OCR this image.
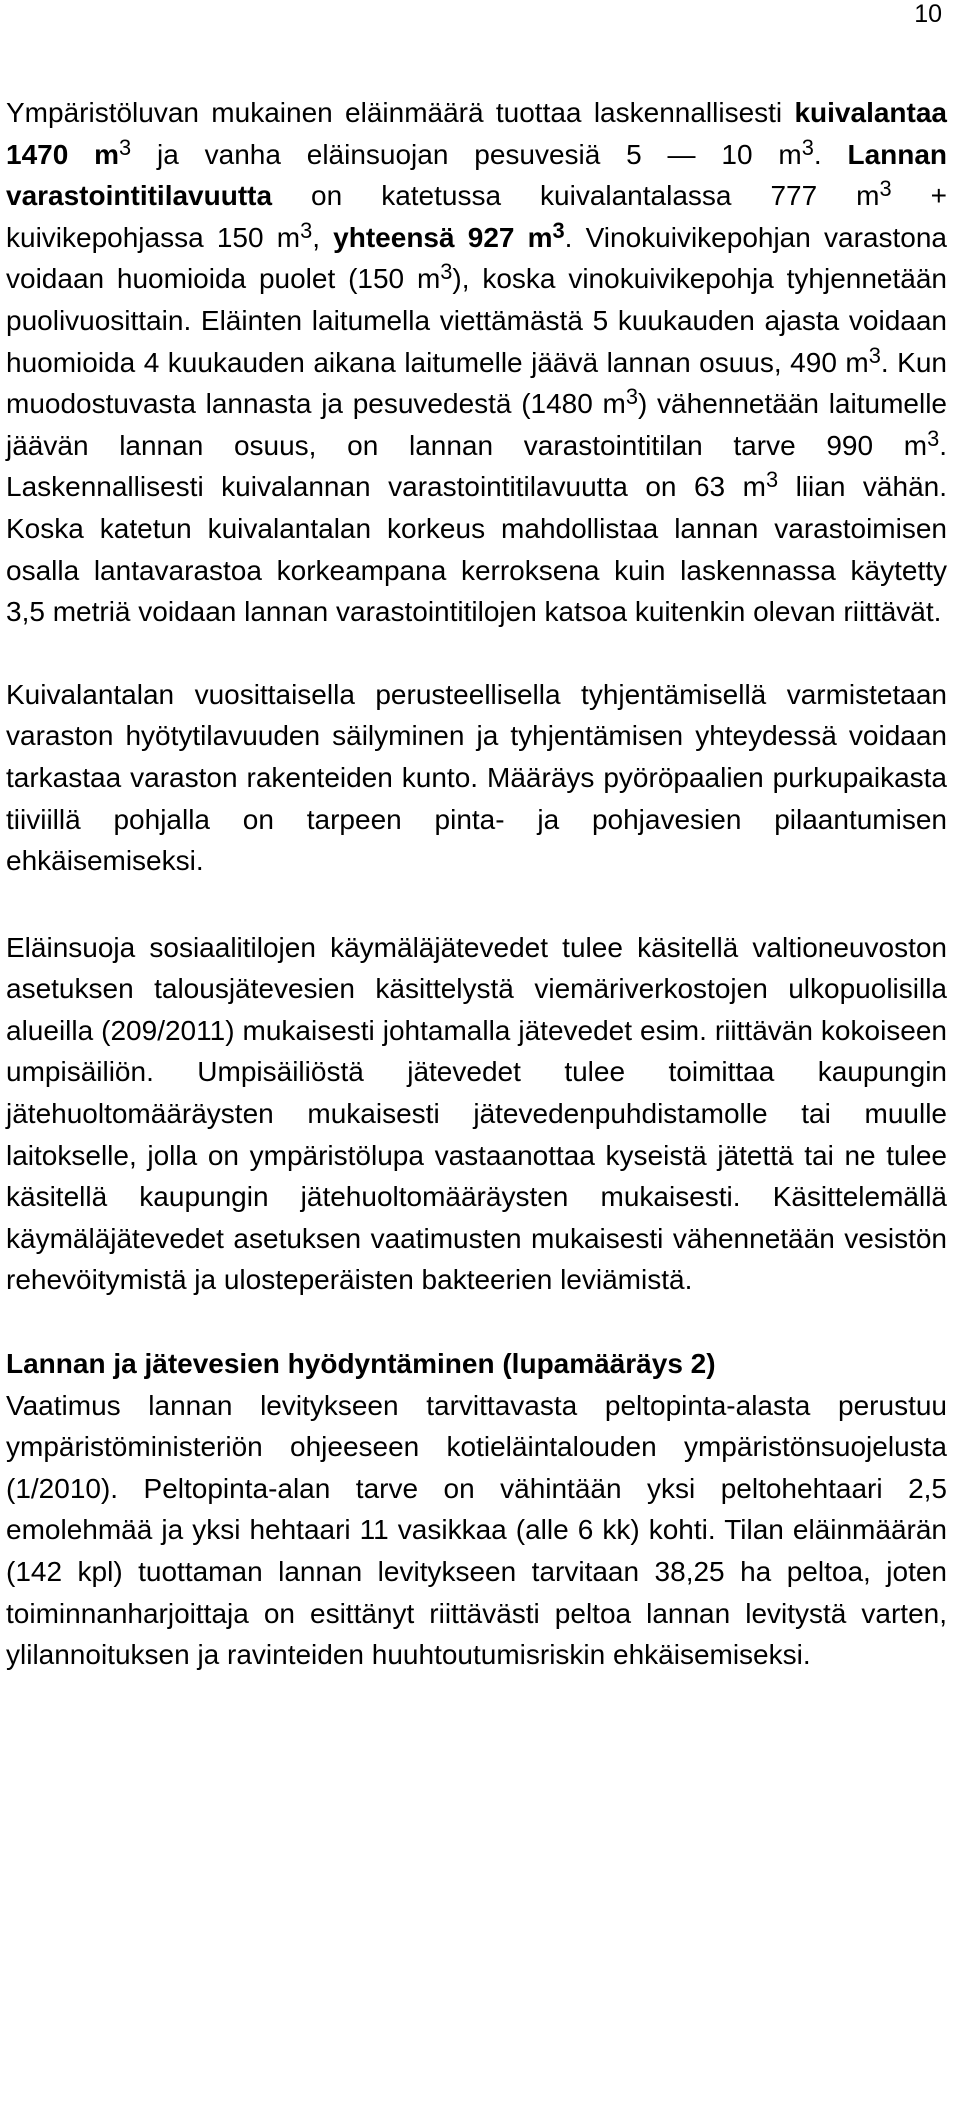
10

Ympäristöluvan mukainen eläinmäärä tuottaa laskennallisesti kuivalantaa 1470 $m^3$ ja vanha eläinsuojan pesuvesiä 5 — 10 $m^3$. Lannan varastointitilavuutta on katetussa kuivalantalassa 777 $m^3$ + kuivikepohjassa 150 $m^3$, yhteensä 927 $m^3$. Vinokuivikepohjan varastona voidaan huomioida puolet (150 $m^3$), koska vinokuivikepohja tyhjennetään puolivuosittain. Eläinten laitumella viettämästä 5 kuukauden ajasta voidaan huomioida 4 kuukauden aikana laitumelle jäävä lannan osuus, 490 $m^3$. Kun muodostuvasta lannasta ja pesuvedestä (1480 $m^3$) vähennetään laitumelle jäävän lannan osuus, on lannan varastointitilan tarve 990 $m^3$. Laskennallisesti kuivalannan varastointitilavuutta on 63 $m^3$ liian vähän. Koska katetun kuivalantalan korkeus mahdollistaa lannan varastoimisen osalla lantavarastoa korkeampana kerroksena kuin laskennassa käytetty 3,5 metriä voidaan lannan varastointitilojen katsoa kuitenkin olevan riittävät.

Kuivalantalan vuosittaisella perusteellisella tyhjentämisellä varmistetaan varaston hyötytilavuuden säilyminen ja tyhjentämisen yhteydessä voidaan tarkastaa varaston rakenteiden kunto. Määräys pyöröpaalien purkupaikasta tiiviillä pohjalla on tarpeen pinta- ja pohjavesien pilaantumisen ehkäisemiseksi.

Eläinsuoja sosiaalitilojen käymäläjätevedet tulee käsitellä valtioneuvoston asetuksen talousjätevesien käsittelystä viemäriverkostojen ulkopuolisilla alueilla (209/2011) mukaisesti johtamalla jätevedet esim. riittävän kokoiseen umpisäiliön. Umpisäiliöstä jätevedet tulee toimittaa kaupungin jätehuoltomääräysten mukaisesti jätevedenpuhdistamolle tai muulle laitokselle, jolla on ympäristölupa vastaanottaa kyseistä jätettä tai ne tulee käsitellä kaupungin jätehuoltomääräysten mukaisesti. Käsittelemällä käymäläjätevedet asetuksen vaatimusten mukaisesti vähennetään vesistön rehevöitymistä ja ulosteperäisten bakteerien leviämistä.

Lannan ja jätevesien hyödyntäminen (lupamääräys 2)

Vaatimus lannan levitykseen tarvittavasta peltopinta-alasta perustuu ympäristöministeriön ohjeeseen kotieläintalouden ympäristönsuojelusta (1/2010). Peltopinta-alan tarve on vähintään yksi peltohehtaari 2,5 emolehmää ja yksi hehtaari 11 vasikkaa (alle 6 kk) kohti. Tilan eläinmäärän (142 kpl) tuottaman lannan levitykseen tarvitaan 38,25 ha peltoa, joten toiminnanharjoittaja on esittänyt riittävästi peltoa lannan levitystä varten, ylilannoituksen ja ravinteiden huuhtoutumisriskin ehkäisemiseksi.
